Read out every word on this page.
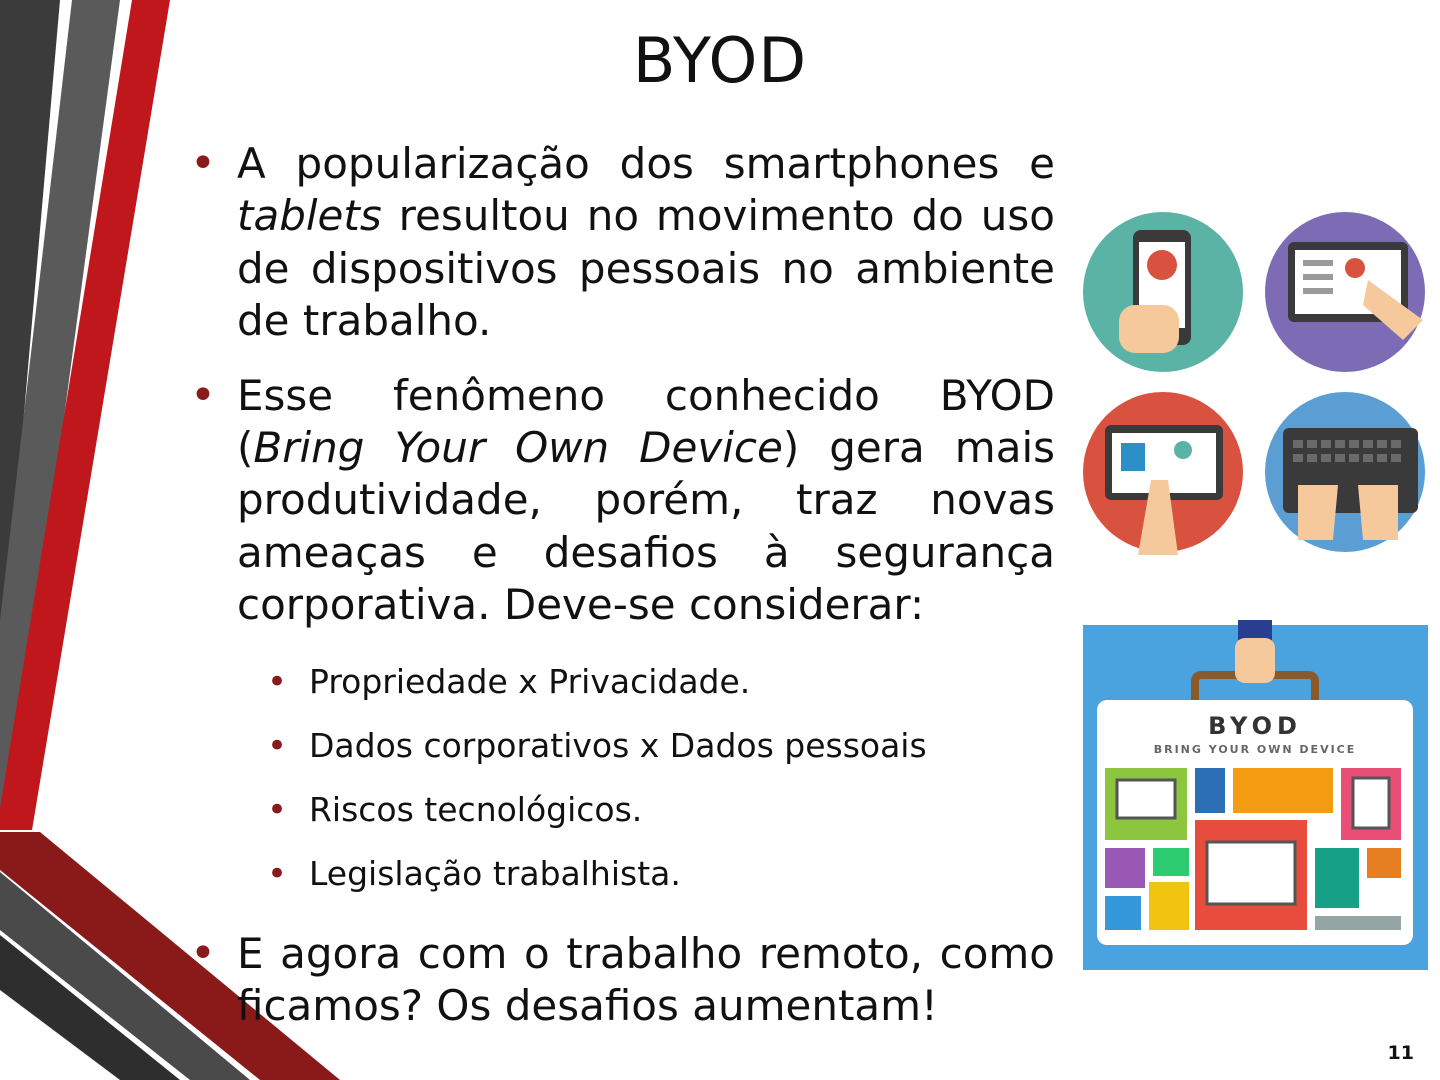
BYOD
• A popularização dos smartphones e tablets resultou no movimento do uso de dispositivos pessoais no ambiente de trabalho.
• Esse fenômeno conhecido BYOD (Bring Your Own Device) gera mais produtividade, porém, traz novas ameaças e desafios à segurança corporativa. Deve-se considerar:
• Propriedade x Privacidade.
• Dados corporativos x Dados pessoais
• Riscos tecnológicos.
• Legislação trabalhista.
• E agora com o trabalho remoto, como ficamos? Os desafios aumentam!
BYOD
BRING YOUR OWN DEVICE
11
